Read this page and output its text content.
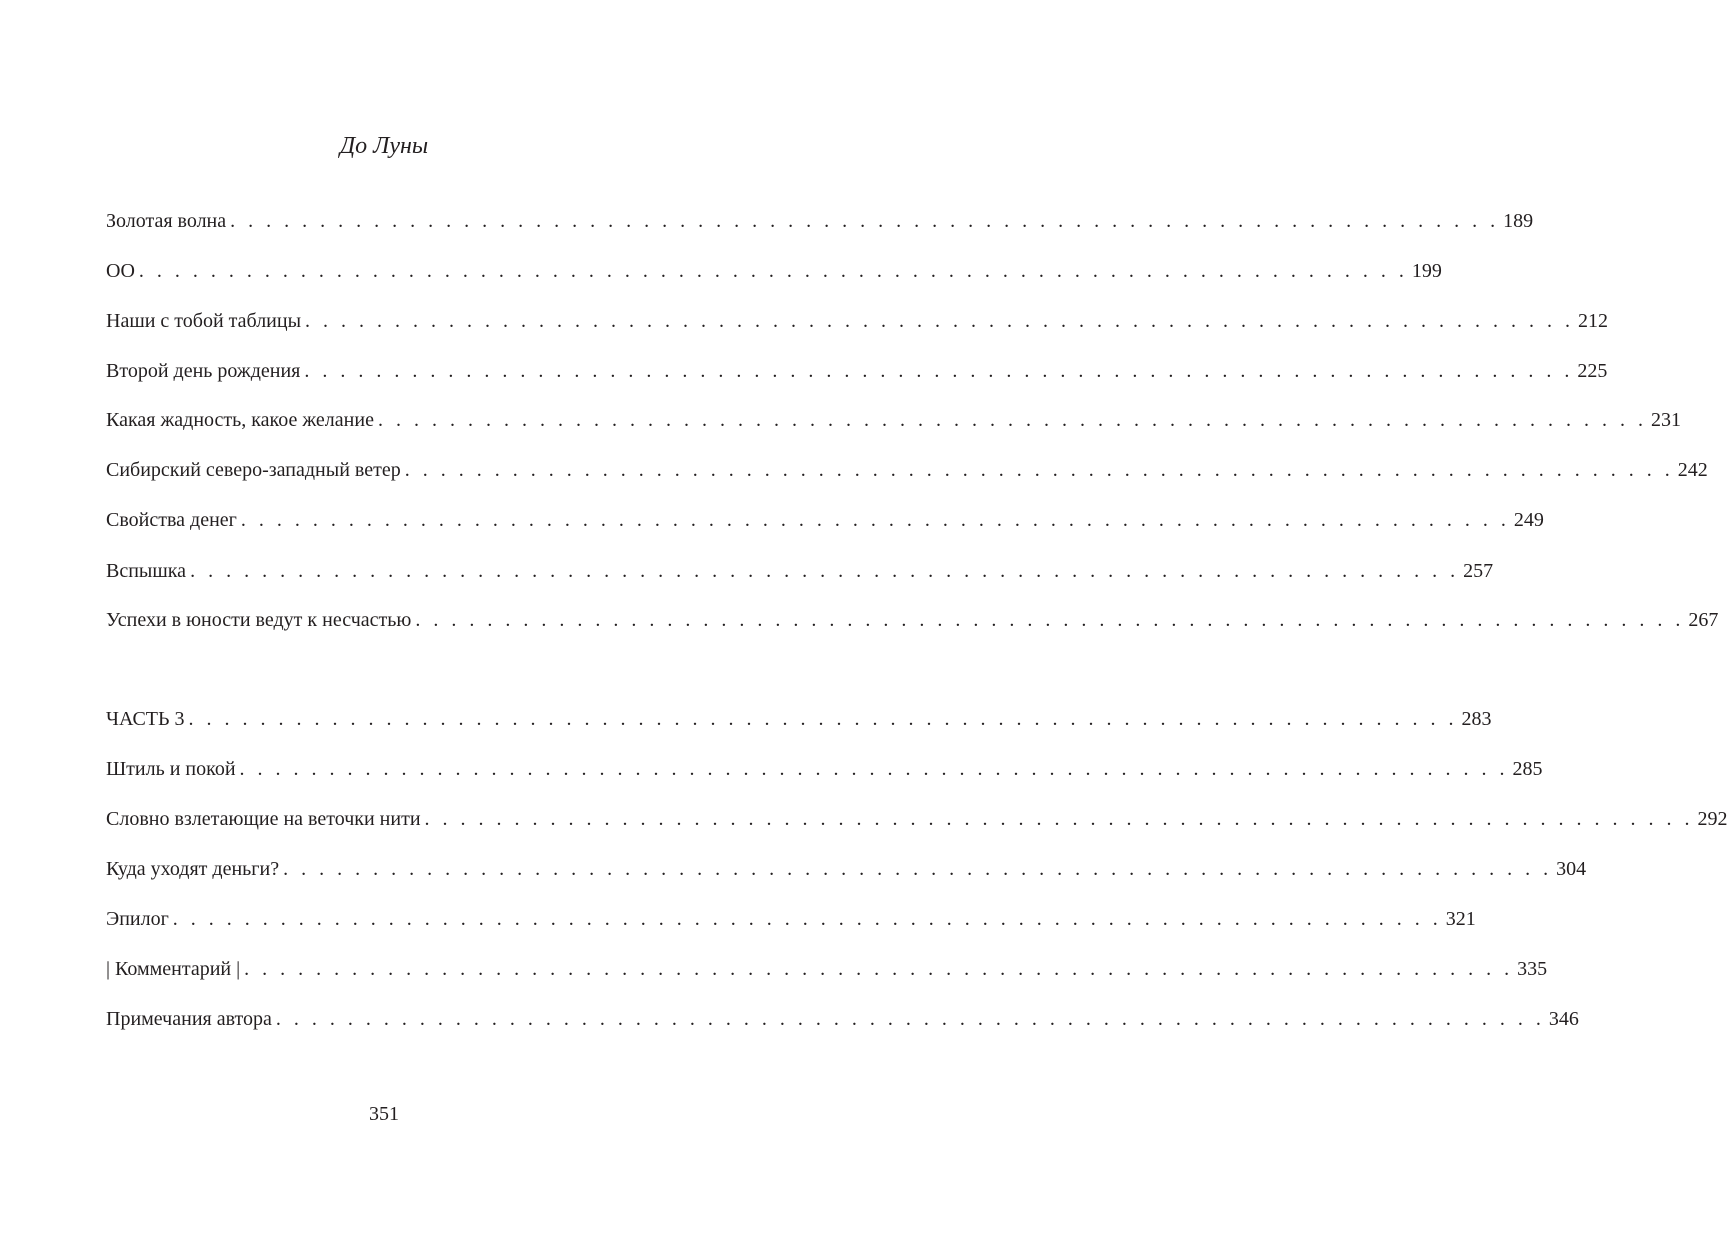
До Луны
Золотая волна . . . . . . . . . . . . . . . . . . . . . . . . . . . . . . . . . . . . . . . . . . . . . . . . . . . . . . . . . . . . . . . . . . . . . . . 189
ОО . . . . . . . . . . . . . . . . . . . . . . . . . . . . . . . . . . . . . . . . . . . . . . . . . . . . . . . . . . . . . . . . . . . . . . . 199
Наши с тобой таблицы . . . . . . . . . . . . . . . . . . . . . . . . . . . . . . . . . . . . . . . . . . . . . . . . . . . . . . . . . . . . . . . . . . . . . . . 212
Второй день рождения . . . . . . . . . . . . . . . . . . . . . . . . . . . . . . . . . . . . . . . . . . . . . . . . . . . . . . . . . . . . . . . . . . . . . . . 225
Какая жадность, какое желание . . . . . . . . . . . . . . . . . . . . . . . . . . . . . . . . . . . . . . . . . . . . . . . . . . . . . . . . . . . . . . . . . . . . . . . 231
Сибирский северо-западный ветер . . . . . . . . . . . . . . . . . . . . . . . . . . . . . . . . . . . . . . . . . . . . . . . . . . . . . . . . . . . . . . . . . . . . . . . 242
Свойства денег . . . . . . . . . . . . . . . . . . . . . . . . . . . . . . . . . . . . . . . . . . . . . . . . . . . . . . . . . . . . . . . . . . . . . . . 249
Вспышка . . . . . . . . . . . . . . . . . . . . . . . . . . . . . . . . . . . . . . . . . . . . . . . . . . . . . . . . . . . . . . . . . . . . . . . 257
Успехи в юности ведут к несчастью . . . . . . . . . . . . . . . . . . . . . . . . . . . . . . . . . . . . . . . . . . . . . . . . . . . . . . . . . . . . . . . . . . . . . . . 267
ЧАСТЬ 3 . . . . . . . . . . . . . . . . . . . . . . . . . . . . . . . . . . . . . . . . . . . . . . . . . . . . . . . . . . . . . . . . . . . . . . . 283
Штиль и покой . . . . . . . . . . . . . . . . . . . . . . . . . . . . . . . . . . . . . . . . . . . . . . . . . . . . . . . . . . . . . . . . . . . . . . . 285
Словно взлетающие на веточки нити . . . . . . . . . . . . . . . . . . . . . . . . . . . . . . . . . . . . . . . . . . . . . . . . . . . . . . . . . . . . . . . . . . . . . . . 292
Куда уходят деньги? . . . . . . . . . . . . . . . . . . . . . . . . . . . . . . . . . . . . . . . . . . . . . . . . . . . . . . . . . . . . . . . . . . . . . . . 304
Эпилог . . . . . . . . . . . . . . . . . . . . . . . . . . . . . . . . . . . . . . . . . . . . . . . . . . . . . . . . . . . . . . . . . . . . . . . 321
| Комментарий | . . . . . . . . . . . . . . . . . . . . . . . . . . . . . . . . . . . . . . . . . . . . . . . . . . . . . . . . . . . . . . . . . . . . . . . 335
Примечания автора . . . . . . . . . . . . . . . . . . . . . . . . . . . . . . . . . . . . . . . . . . . . . . . . . . . . . . . . . . . . . . . . . . . . . . . 346
351
